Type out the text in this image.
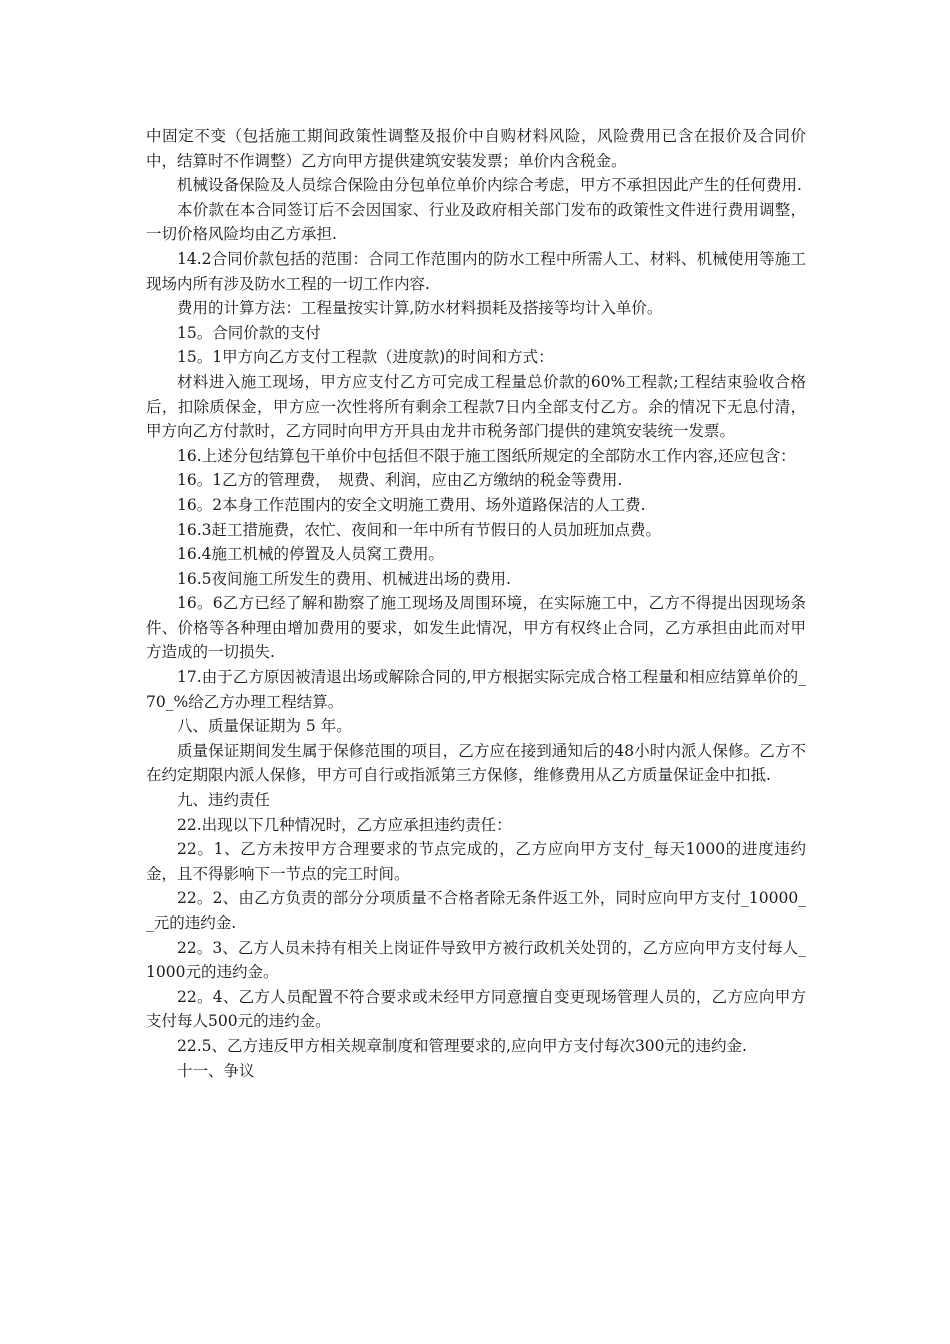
中固定不变（包括施工期间政策性调整及报价中自购材料风险，风险费用已含在报价及合同价中，结算时不作调整）乙方向甲方提供建筑安装发票；单价内含税金。

机械设备保险及人员综合保险由分包单位单价内综合考虑，甲方不承担因此产生的任何费用.

本价款在本合同签订后不会因国家、行业及政府相关部门发布的政策性文件进行费用调整，一切价格风险均由乙方承担.

14.2合同价款包括的范围：合同工作范围内的防水工程中所需人工、材料、机械使用等施工现场内所有涉及防水工程的一切工作内容.

费用的计算方法：工程量按实计算,防水材料损耗及搭接等均计入单价。

15。合同价款的支付

15。1甲方向乙方支付工程款（进度款)的时间和方式：

材料进入施工现场，甲方应支付乙方可完成工程量总价款的60%工程款;工程结束验收合格后，扣除质保金，甲方应一次性将所有剩余工程款7日内全部支付乙方。余的情况下无息付清，甲方向乙方付款时，乙方同时向甲方开具由龙井市税务部门提供的建筑安装统一发票。

16.上述分包结算包干单价中包括但不限于施工图纸所规定的全部防水工作内容,还应包含：

16。1乙方的管理费，　规费、利润，应由乙方缴纳的税金等费用.

16。2本身工作范围内的安全文明施工费用、场外道路保洁的人工费.

16.3赶工措施费，农忙、夜间和一年中所有节假日的人员加班加点费。

16.4施工机械的停置及人员窝工费用。

16.5夜间施工所发生的费用、机械进出场的费用.

16。6乙方已经了解和勘察了施工现场及周围环境，在实际施工中，乙方不得提出因现场条件、价格等各种理由增加费用的要求，如发生此情况，甲方有权终止合同，乙方承担由此而对甲方造成的一切损失.

17.由于乙方原因被清退出场或解除合同的,甲方根据实际完成合格工程量和相应结算单价的_70_%给乙方办理工程结算。

八、质量保证期为 5 年。

质量保证期间发生属于保修范围的项目，乙方应在接到通知后的48小时内派人保修。乙方不在约定期限内派人保修，甲方可自行或指派第三方保修，维修费用从乙方质量保证金中扣抵.

九、违约责任

22.出现以下几种情况时，乙方应承担违约责任：

22。1、乙方未按甲方合理要求的节点完成的，乙方应向甲方支付_每天1000的进度违约金，且不得影响下一节点的完工时间。

22。2、由乙方负责的部分分项质量不合格者除无条件返工外，同时应向甲方支付_10000__元的违约金.

22。3、乙方人员未持有相关上岗证件导致甲方被行政机关处罚的，乙方应向甲方支付每人_1000元的违约金。

22。4、乙方人员配置不符合要求或未经甲方同意擅自变更现场管理人员的，乙方应向甲方支付每人500元的违约金。

22.5、乙方违反甲方相关规章制度和管理要求的,应向甲方支付每次300元的违约金.

十一、争议
